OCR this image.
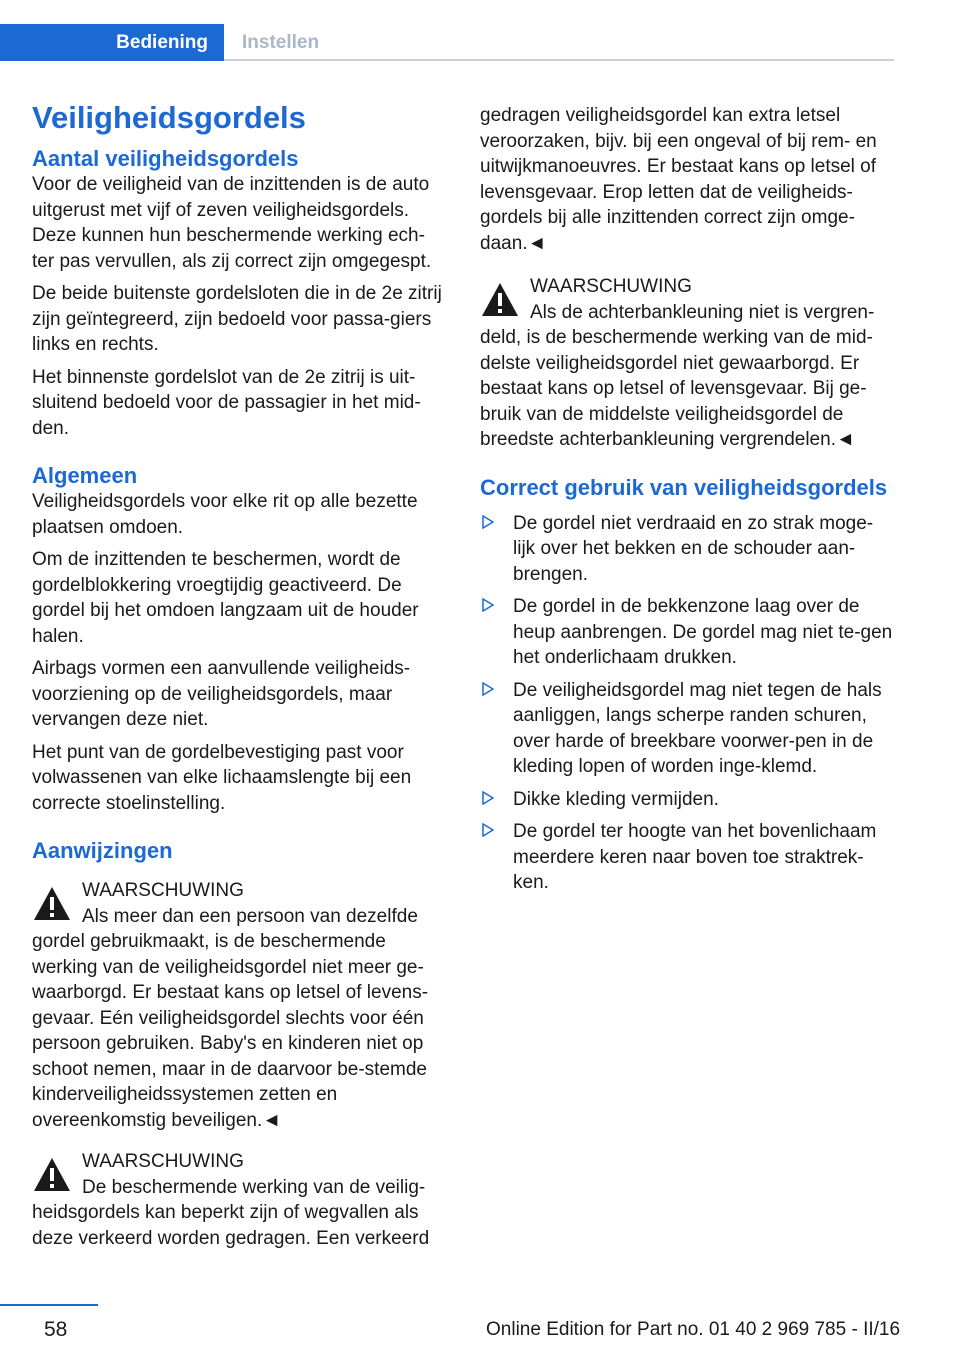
Bediening	Instellen
Veiligheidsgordels
Aantal veiligheidsgordels

Voor de veiligheid van de inzittenden is de auto uitgerust met vijf of zeven veiligheidsgordels. Deze kunnen hun beschermende werking ech-ter pas vervullen, als zij correct zijn omgegespt.

De beide buitenste gordelsloten die in de 2e zitrij zijn geïntegreerd, zijn bedoeld voor passa-giers links en rechts.

Het binnenste gordelslot van de 2e zitrij is uit-sluitend bedoeld voor de passagier in het mid-den.

Algemeen

Veiligheidsgordels voor elke rit op alle bezette plaatsen omdoen.

Om de inzittenden te beschermen, wordt de gordelblokkering vroegtijdig geactiveerd. De gordel bij het omdoen langzaam uit de houder halen.

Airbags vormen een aanvullende veiligheids-voorziening op de veiligheidsgordels, maar vervangen deze niet.

Het punt van de gordelbevestiging past voor volwassenen van elke lichaamslengte bij een correcte stoelinstelling.

Aanwijzingen
WAARSCHUWING
Als meer dan een persoon van dezelfde gordel gebruikmaakt, is de beschermende werking van de veiligheidsgordel niet meer ge-waarborgd. Er bestaat kans op letsel of levens-gevaar. Eén veiligheidsgordel slechts voor één persoon gebruiken. Baby's en kinderen niet op schoot nemen, maar in de daarvoor be-stemde kinderveiligheidssystemen zetten en overeenkomstig beveiligen.◄
WAARSCHUWING
De beschermende werking van de veilig-heidsgordels kan beperkt zijn of wegvallen als deze verkeerd worden gedragen. Een verkeerd

gedragen veiligheidsgordel kan extra letsel veroorzaken, bijv. bij een ongeval of bij rem- en uitwijkmanoeuvres. Er bestaat kans op letsel of levensgevaar. Erop letten dat de veiligheids-gordels bij alle inzittenden correct zijn omge-daan.◄

WAARSCHUWING
Als de achterbankleuning niet is vergren-deld, is de beschermende werking van de mid-delste veiligheidsgordel niet gewaarborgd. Er bestaat kans op letsel of levensgevaar. Bij ge-bruik van de middelste veiligheidsgordel de breedste achterbankleuning vergrendelen.◄
Correct gebruik van veiligheidsgordels
De gordel niet verdraaid en zo strak moge-lijk over het bekken en de schouder aan-brengen.
De gordel in de bekkenzone laag over de heup aanbrengen. De gordel mag niet te-gen het onderlichaam drukken.
De veiligheidsgordel mag niet tegen de hals aanliggen, langs scherpe randen schuren, over harde of breekbare voorwer-pen in de kleding lopen of worden inge-klemd.
Dikke kleding vermijden.
De gordel ter hoogte van het bovenlichaam meerdere keren naar boven toe straktrek-ken.
58	Online Edition for Part no. 01 40 2 969 785 - II/16
